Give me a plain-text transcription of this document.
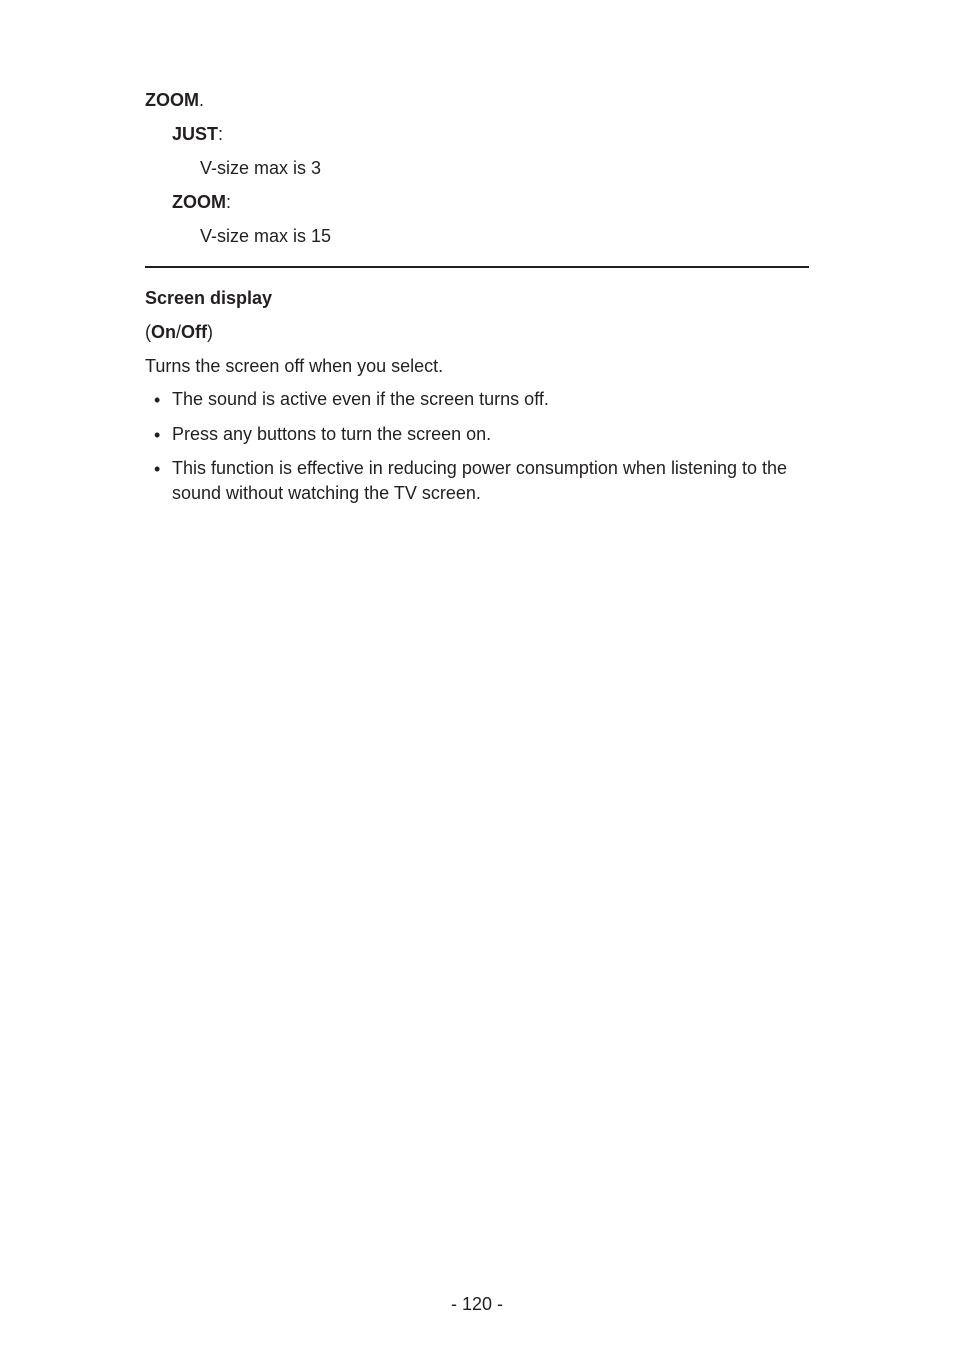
ZOOM.
JUST:
V-size max is 3
ZOOM:
V-size max is 15
Screen display
(On/Off)
Turns the screen off when you select.
• The sound is active even if the screen turns off.
• Press any buttons to turn the screen on.
• This function is effective in reducing power consumption when listening to the sound without watching the TV screen.
- 120 -
